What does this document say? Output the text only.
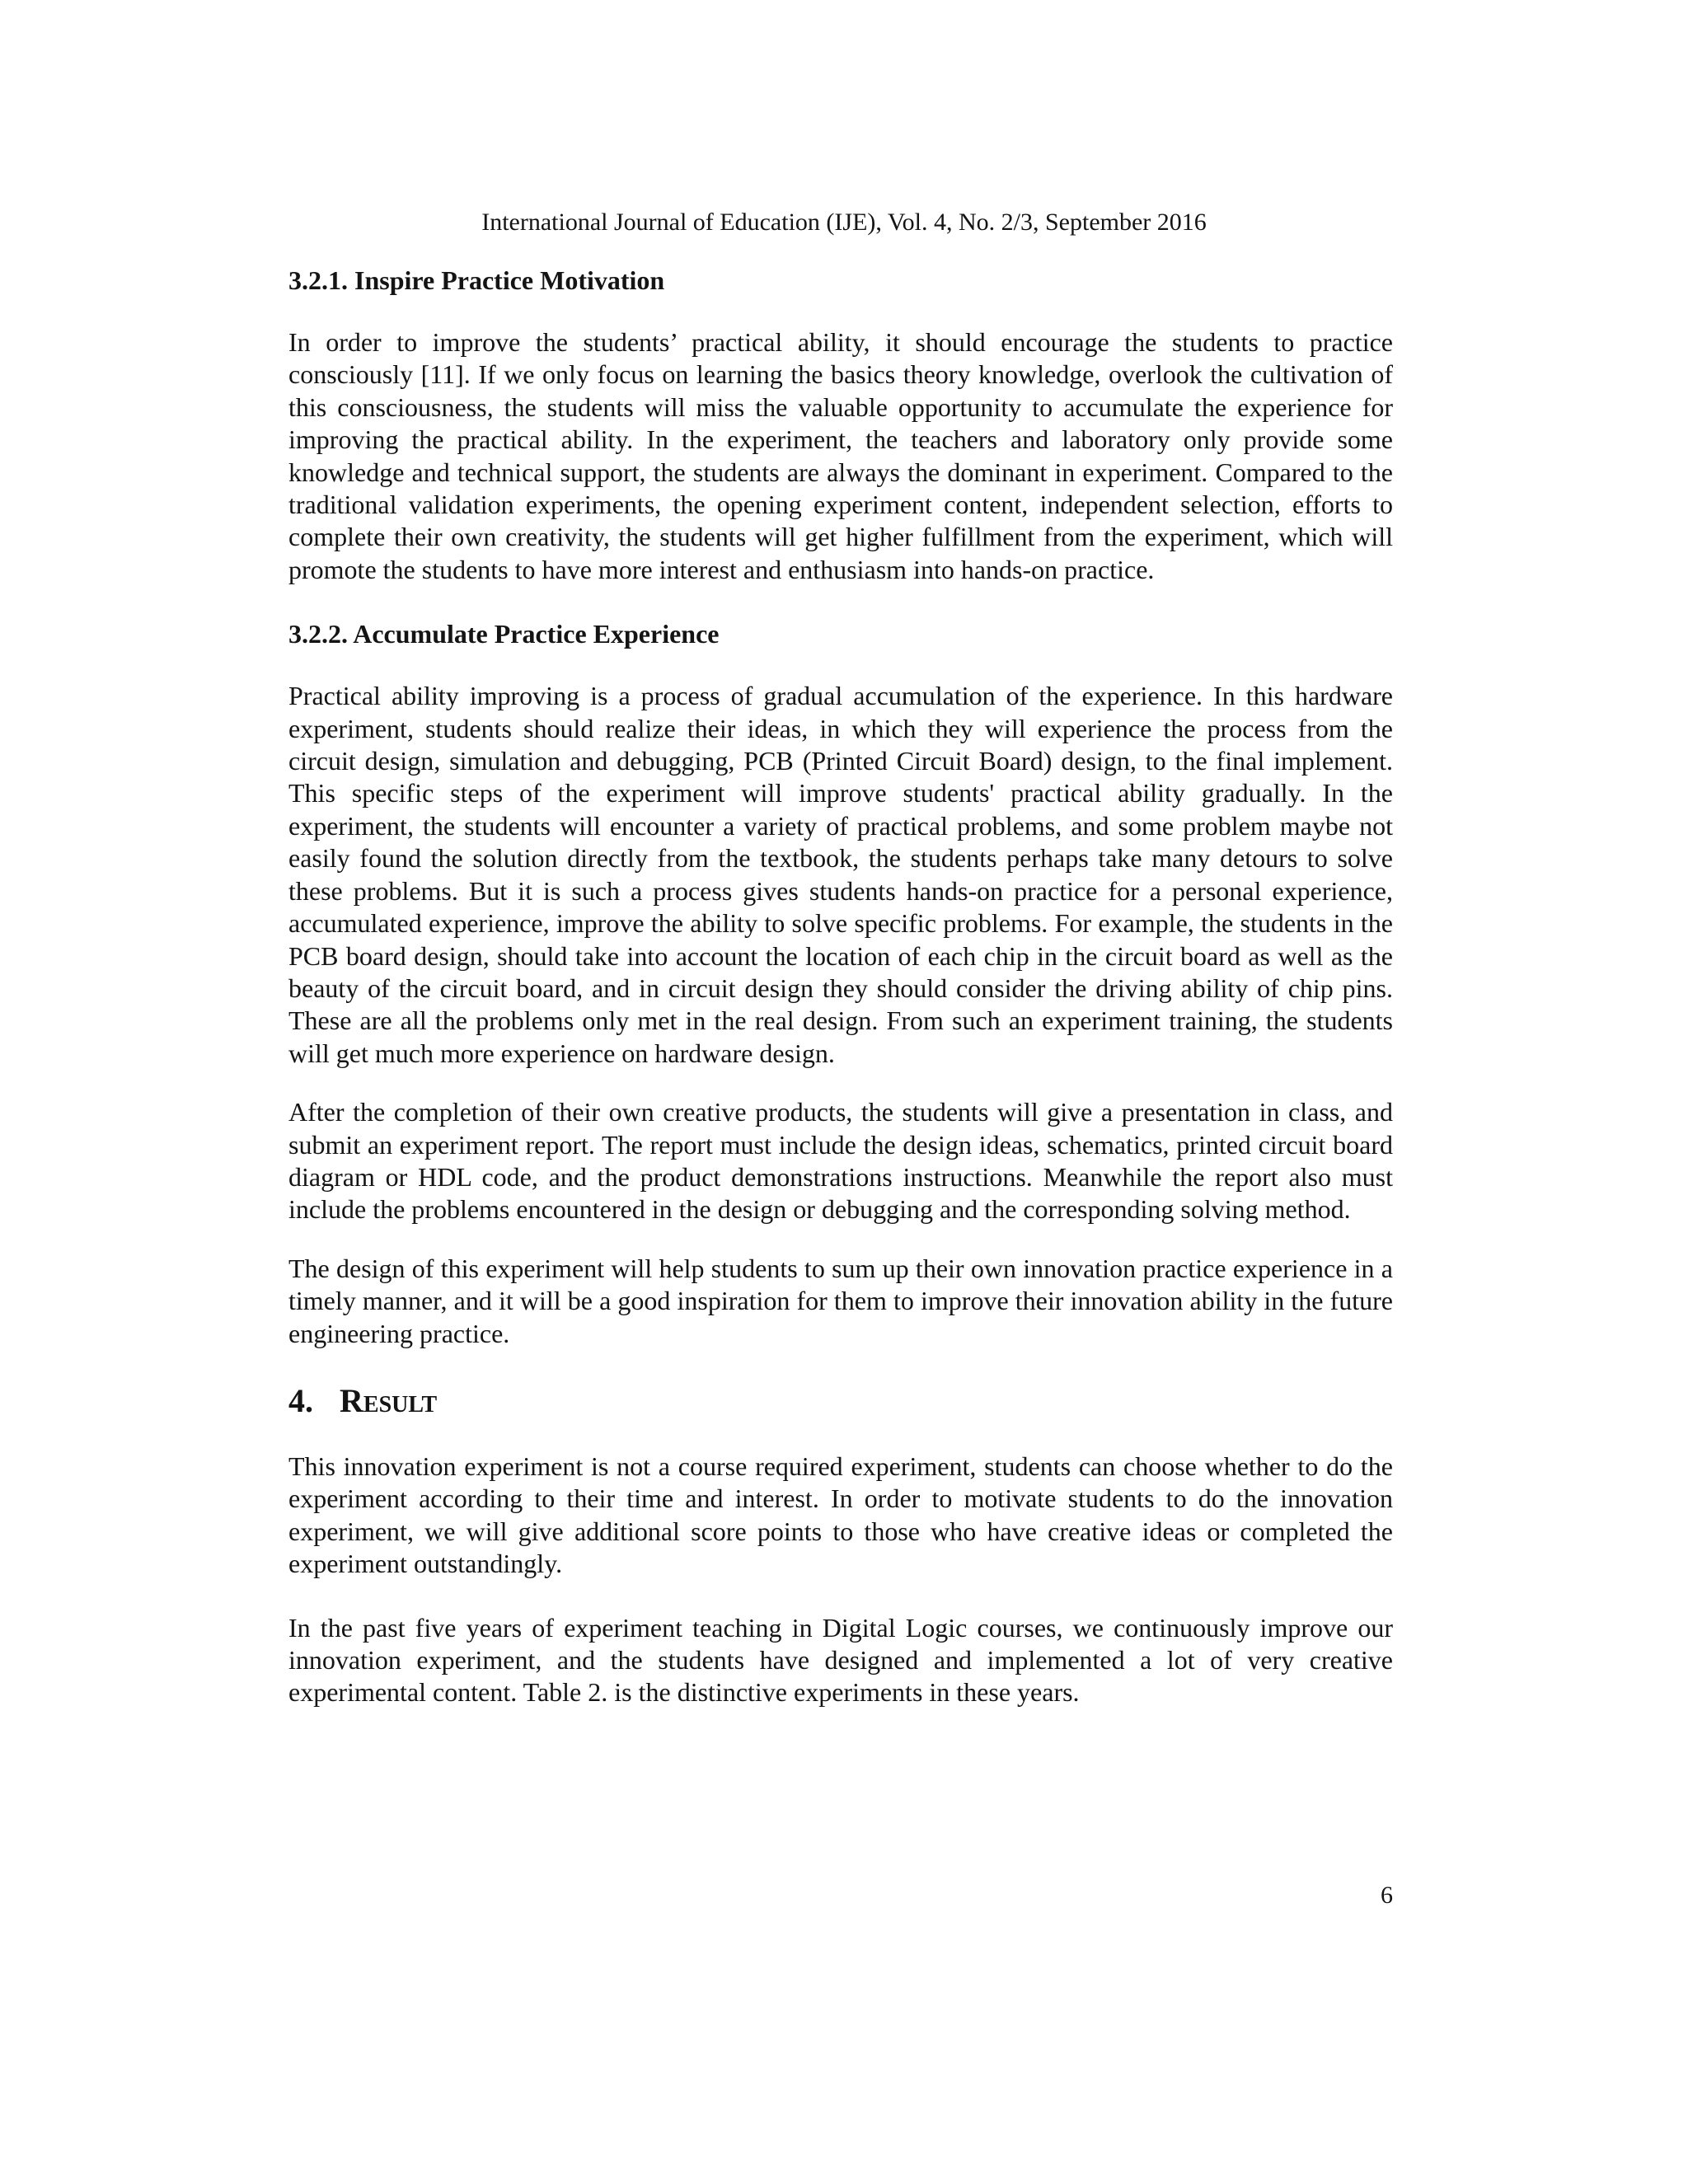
International Journal of Education (IJE), Vol. 4, No. 2/3, September 2016
3.2.1. Inspire Practice Motivation

In order to improve the students’ practical ability, it should encourage the students to practice consciously [11]. If we only focus on learning the basics theory knowledge, overlook the cultivation of this consciousness, the students will miss the valuable opportunity to accumulate the experience for improving the practical ability. In the experiment, the teachers and laboratory only provide some knowledge and technical support, the students are always the dominant in experiment. Compared to the traditional validation experiments, the opening experiment content, independent selection, efforts to complete their own creativity, the students will get higher fulfillment from the experiment, which will promote the students to have more interest and enthusiasm into hands-on practice.

3.2.2. Accumulate Practice Experience

Practical ability improving is a process of gradual accumulation of the experience. In this hardware experiment, students should realize their ideas, in which they will experience the process from the circuit design, simulation and debugging, PCB (Printed Circuit Board) design, to the final implement. This specific steps of the experiment will improve students' practical ability gradually. In the experiment, the students will encounter a variety of practical problems, and some problem maybe not easily found the solution directly from the textbook, the students perhaps take many detours to solve these problems. But it is such a process gives students hands-on practice for a personal experience, accumulated experience, improve the ability to solve specific problems. For example, the students in the PCB board design, should take into account the location of each chip in the circuit board as well as the beauty of the circuit board, and in circuit design they should consider the driving ability of chip pins. These are all the problems only met in the real design. From such an experiment training, the students will get much more experience on hardware design.

After the completion of their own creative products, the students will give a presentation in class, and submit an experiment report. The report must include the design ideas, schematics, printed circuit board diagram or HDL code, and the product demonstrations instructions. Meanwhile the report also must include the problems encountered in the design or debugging and the corresponding solving method.

The design of this experiment will help students to sum up their own innovation practice experience in a timely manner, and it will be a good inspiration for them to improve their innovation ability in the future engineering practice.

4. Result

This innovation experiment is not a course required experiment, students can choose whether to do the experiment according to their time and interest. In order to motivate students to do the innovation experiment, we will give additional score points to those who have creative ideas or completed the experiment outstandingly.

In the past five years of experiment teaching in Digital Logic courses, we continuously improve our innovation experiment, and the students have designed and implemented a lot of very creative experimental content. Table 2. is the distinctive experiments in these years.

6
